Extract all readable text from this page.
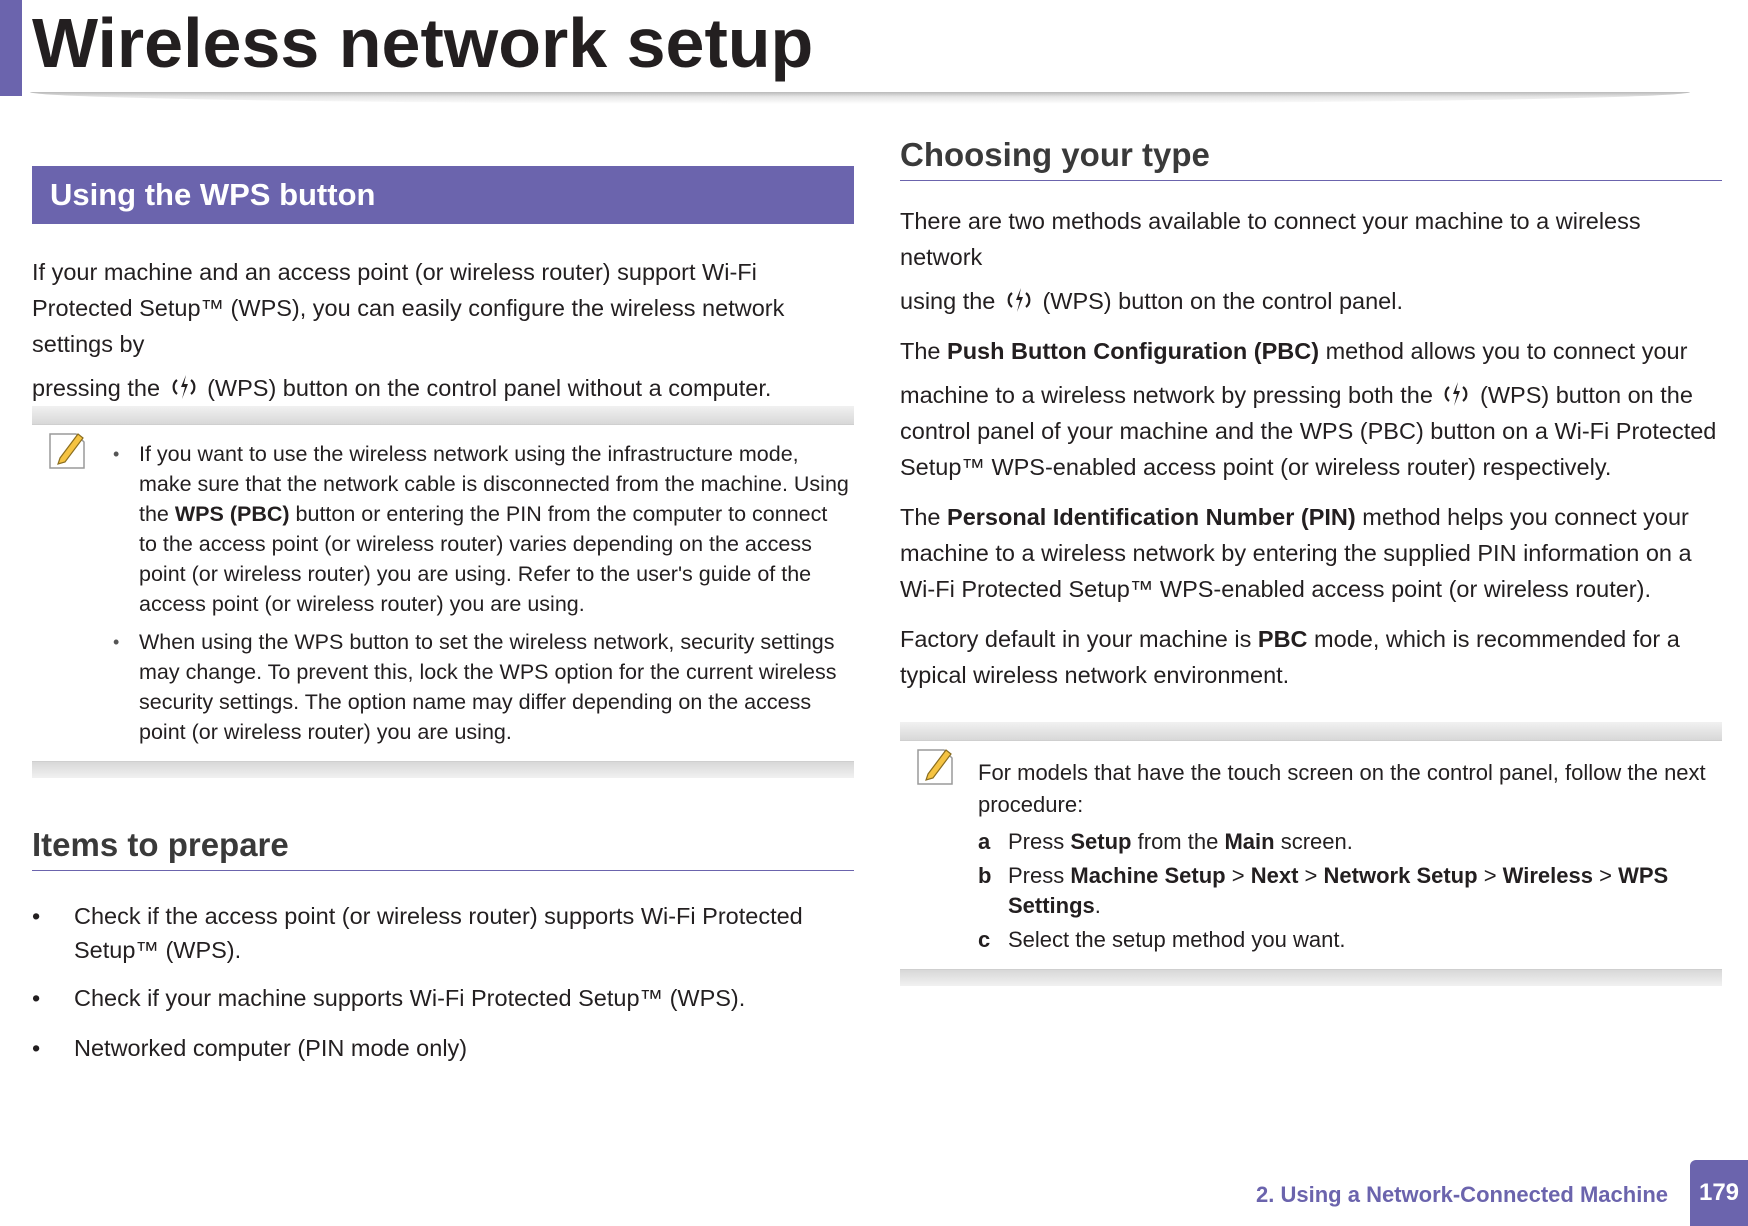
Wireless network setup
Using the WPS button

If your machine and an access point (or wireless router) support Wi-Fi Protected Setup™ (WPS), you can easily configure the wireless network settings by
pressing the (WPS) button on the control panel without a computer.

• If you want to use the wireless network using the infrastructure mode, make sure that the network cable is disconnected from the machine. Using the WPS (PBC) button or entering the PIN from the computer to connect to the access point (or wireless router) varies depending on the access point (or wireless router) you are using. Refer to the user's guide of the access point (or wireless router) you are using.
• When using the WPS button to set the wireless network, security settings may change. To prevent this, lock the WPS option for the current wireless security settings. The option name may differ depending on the access point (or wireless router) you are using.
Items to prepare
• Check if the access point (or wireless router) supports Wi-Fi Protected Setup™ (WPS).
• Check if your machine supports Wi-Fi Protected Setup™ (WPS).
• Networked computer (PIN mode only)
Choosing your type

There are two methods available to connect your machine to a wireless network
using the (WPS) button on the control panel.

The Push Button Configuration (PBC) method allows you to connect your
machine to a wireless network by pressing both the (WPS) button on the control panel of your machine and the WPS (PBC) button on a Wi-Fi Protected Setup™ WPS-enabled access point (or wireless router) respectively.

The Personal Identification Number (PIN) method helps you connect your machine to a wireless network by entering the supplied PIN information on a Wi-Fi Protected Setup™ WPS-enabled access point (or wireless router).

Factory default in your machine is PBC mode, which is recommended for a typical wireless network environment.

For models that have the touch screen on the control panel, follow the next procedure:
a Press Setup from the Main screen.
b Press Machine Setup > Next > Network Setup > Wireless > WPS Settings.
c Select the setup method you want.
2. Using a Network-Connected Machine	179
